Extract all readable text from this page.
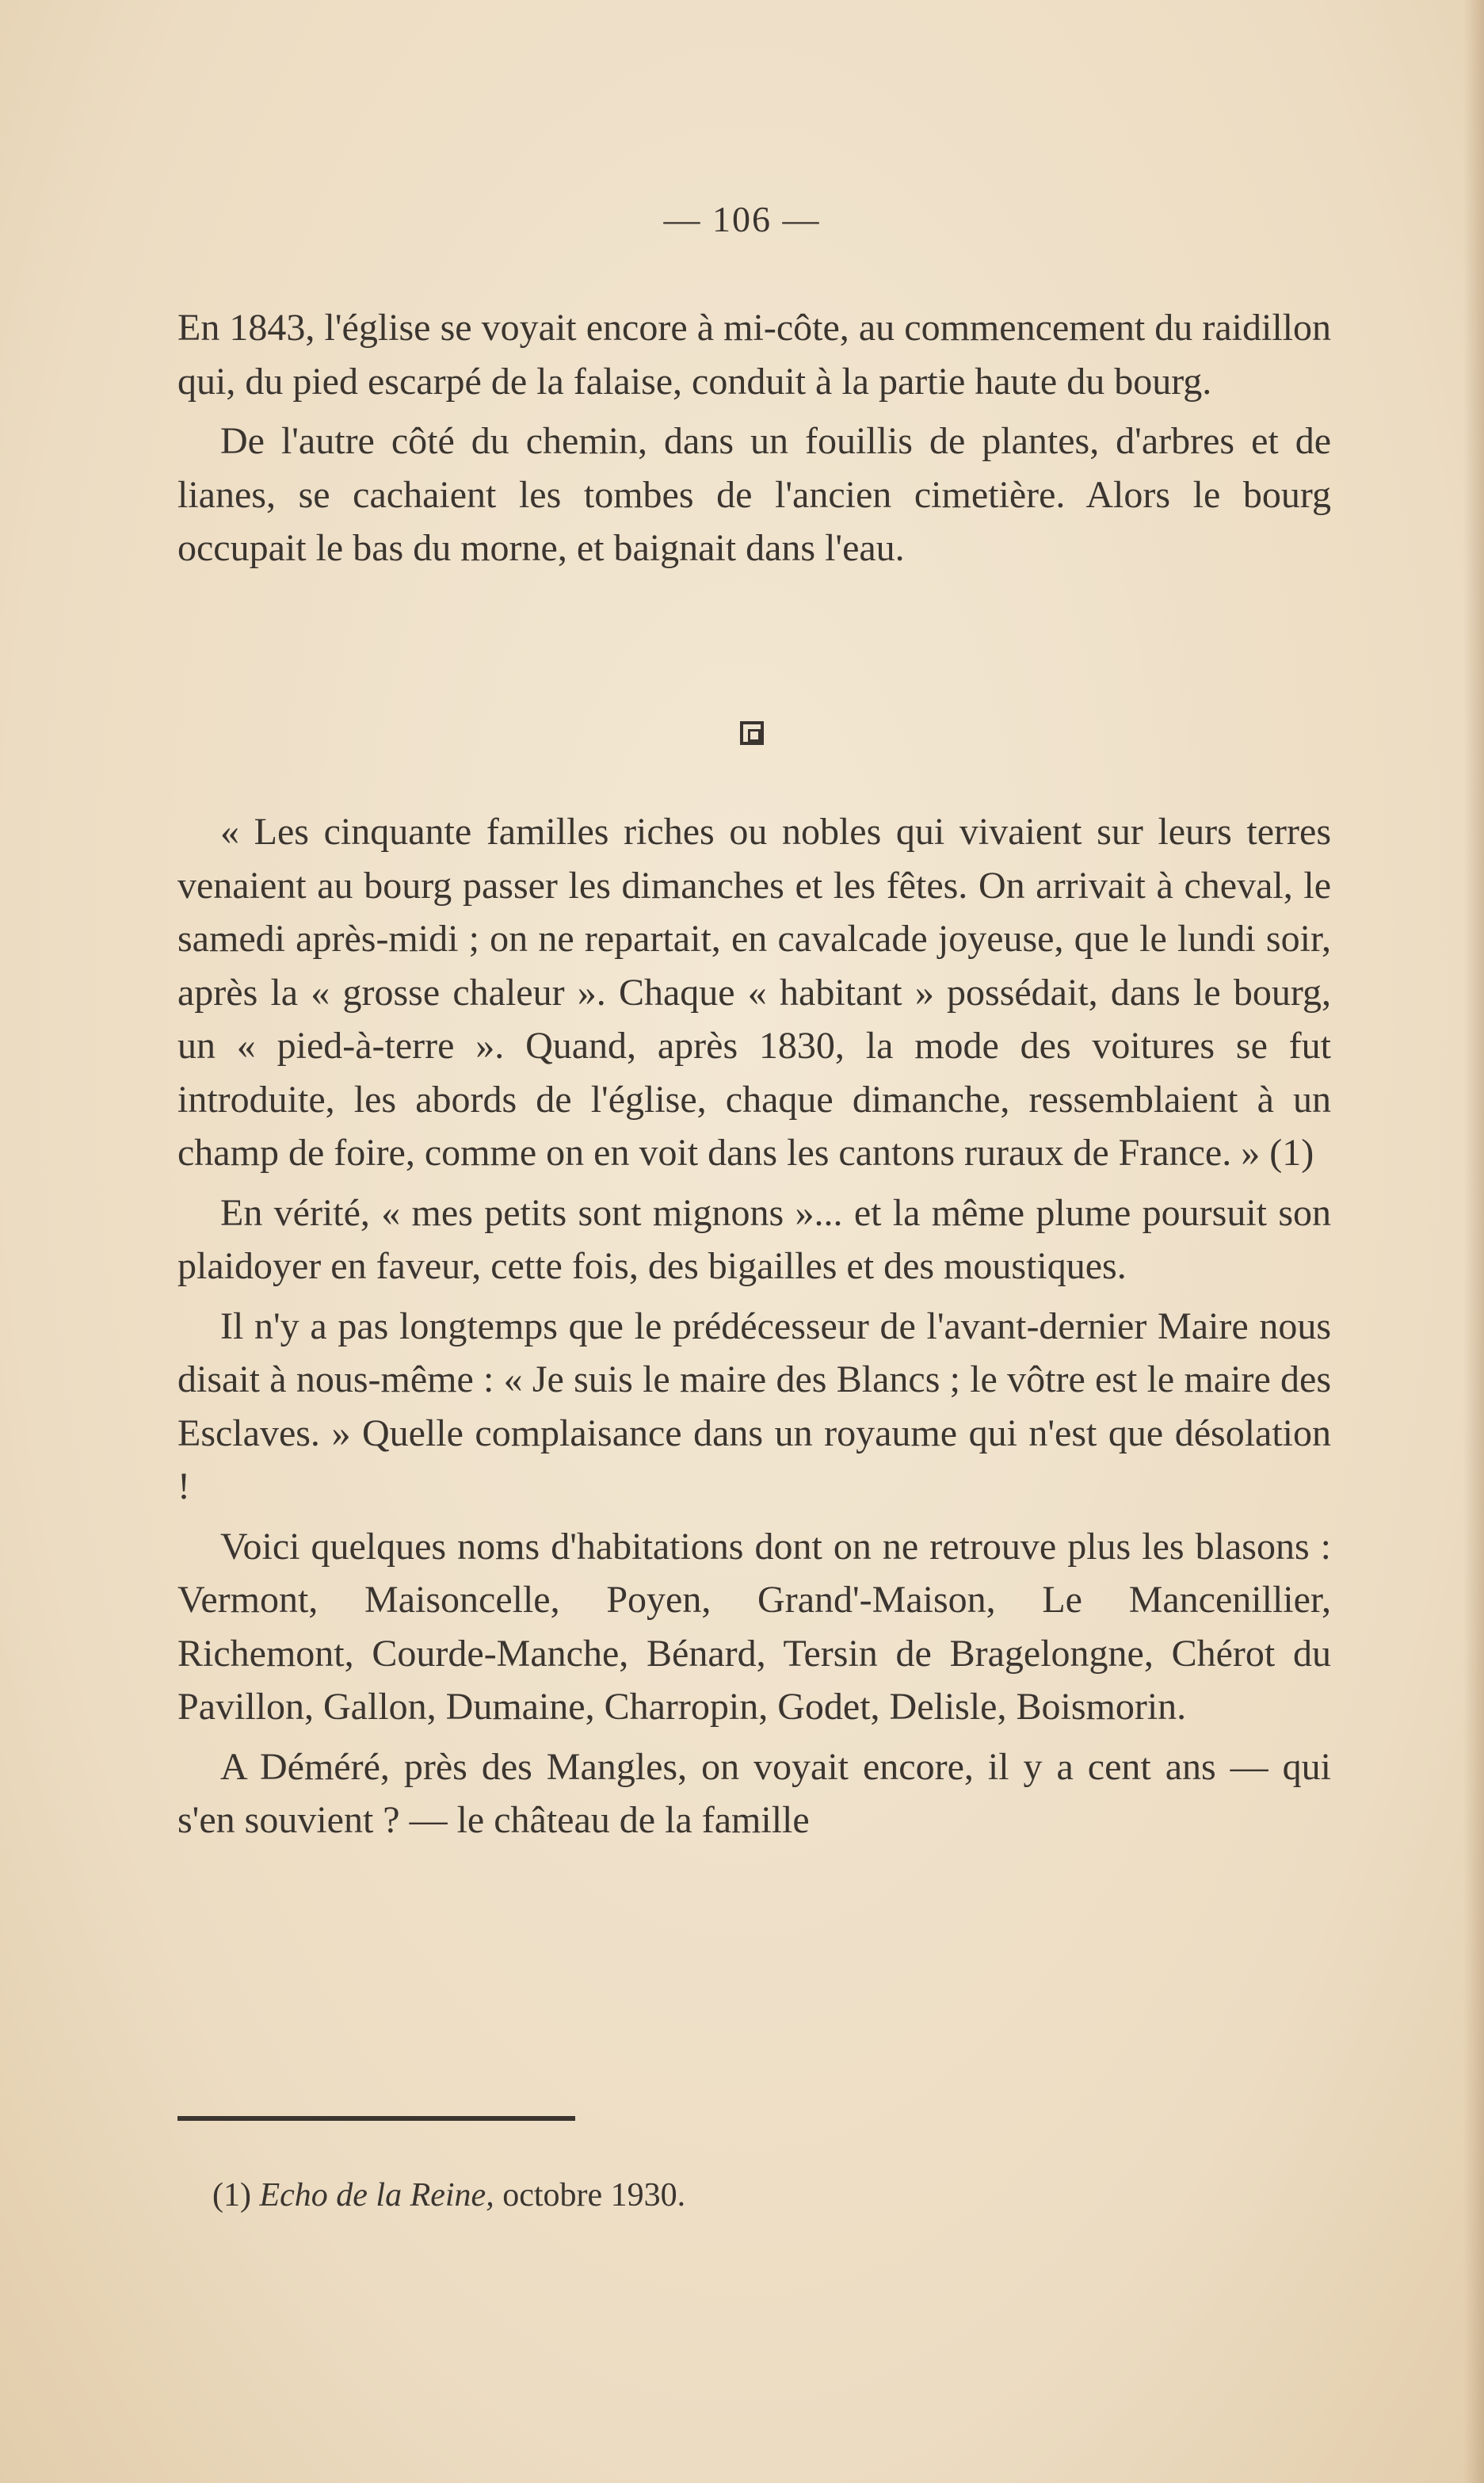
— 106 —

En 1843, l'église se voyait encore à mi-côte, au commencement du raidillon qui, du pied escarpé de la falaise, conduit à la partie haute du bourg.

De l'autre côté du chemin, dans un fouillis de plantes, d'arbres et de lianes, se cachaient les tombes de l'ancien cimetière. Alors le bourg occupait le bas du morne, et baignait dans l'eau.

« Les cinquante familles riches ou nobles qui vivaient sur leurs terres venaient au bourg passer les dimanches et les fêtes. On arrivait à cheval, le samedi après-midi ; on ne repartait, en cavalcade joyeuse, que le lundi soir, après la « grosse chaleur ». Chaque « habitant » possédait, dans le bourg, un « pied-à-terre ». Quand, après 1830, la mode des voitures se fut introduite, les abords de l'église, chaque dimanche, ressemblaient à un champ de foire, comme on en voit dans les cantons ruraux de France. » (1)

En vérité, « mes petits sont mignons »... et la même plume poursuit son plaidoyer en faveur, cette fois, des bigailles et des moustiques.

Il n'y a pas longtemps que le prédécesseur de l'avant-dernier Maire nous disait à nous-même : « Je suis le maire des Blancs ; le vôtre est le maire des Esclaves. » Quelle complaisance dans un royaume qui n'est que désolation !

Voici quelques noms d'habitations dont on ne retrouve plus les blasons : Vermont, Maisoncelle, Poyen, Grand'-Maison, Le Mancenillier, Richemont, Courde-Manche, Bénard, Tersin de Bragelongne, Chérot du Pavillon, Gallon, Dumaine, Charropin, Godet, Delisle, Boismorin.

A Déméré, près des Mangles, on voyait encore, il y a cent ans — qui s'en souvient ? — le château de la famille

(1) Echo de la Reine, octobre 1930.
